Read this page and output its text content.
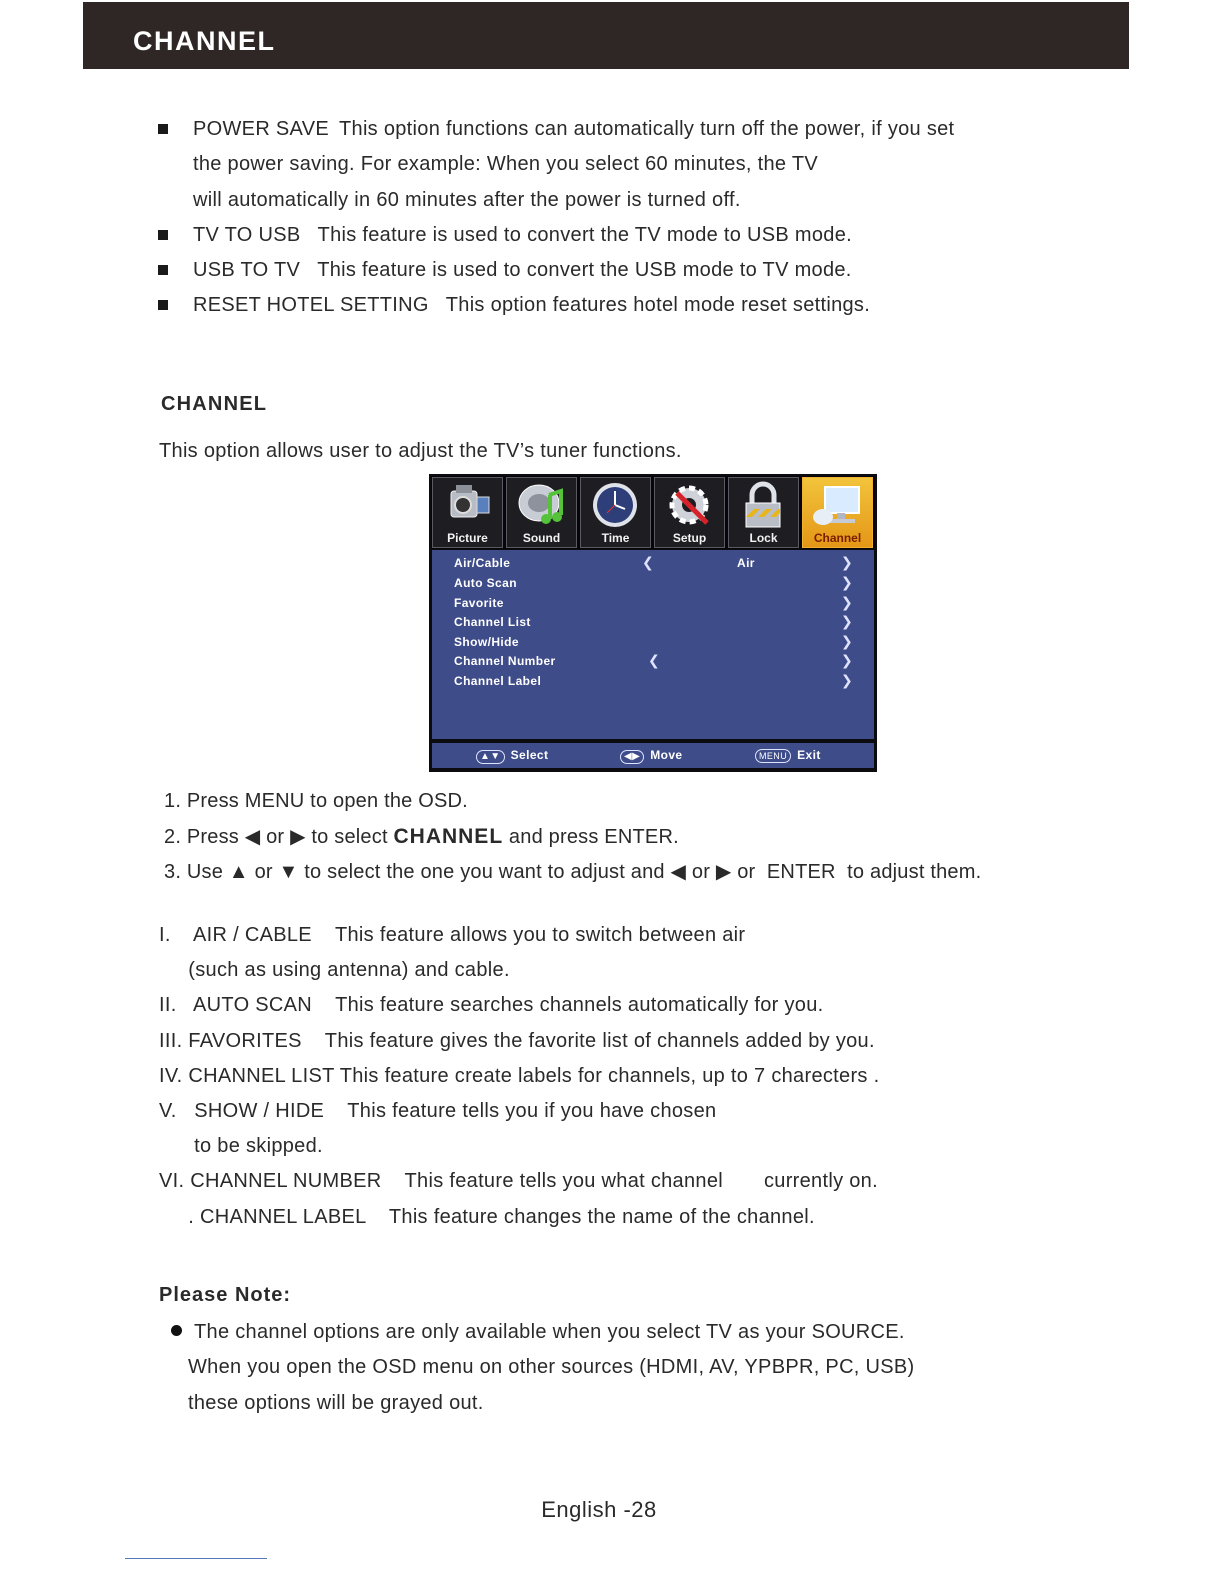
CHANNEL
POWER SAVE This option functions can automatically turn off the power, if you set
the power saving. For example: When you select 60 minutes, the TV
will automatically in 60 minutes after the power is turned off.
TV TO USB This feature is used to convert the TV mode to USB mode.
USB TO TV This feature is used to convert the USB mode to TV mode.
RESET HOTEL SETTING This option features hotel mode reset settings.
CHANNEL

This option allows user to adjust the TV’s tuner functions.

Picture	Sound	Time	Setup	Lock	Channel
Air/Cable	❮	Air	❯
Auto Scan	❯
Favorite	❯
Channel List	❯
Show/Hide	❯
Channel Number	❮	❯
Channel Label	❯
▲▼ Select	◀▶ Move	MENU Exit
1. Press MENU to open the OSD.
2. Press ◀ or ▶ to select CHANNEL and press ENTER.
3. Use ▲ or ▼ to select the one you want to adjust and ◀ or ▶ or  ENTER  to adjust them.
I.    AIR / CABLE    This feature allows you to switch between air
(such as using antenna) and cable.
II.   AUTO SCAN    This feature searches channels automatically for you.
III. FAVORITES    This feature gives the favorite list of channels added by you.
IV. CHANNEL LIST This feature create labels for channels, up to 7 charecters .
V.   SHOW / HIDE    This feature tells you if you have chosen
to be skipped.
VI. CHANNEL NUMBER    This feature tells you what channel       currently on.
. CHANNEL LABEL    This feature changes the name of the channel.
Please Note:
The channel options are only available when you select TV as your SOURCE.
When you open the OSD menu on other sources (HDMI, AV, YPBPR, PC, USB)
these options will be grayed out.
English -28
